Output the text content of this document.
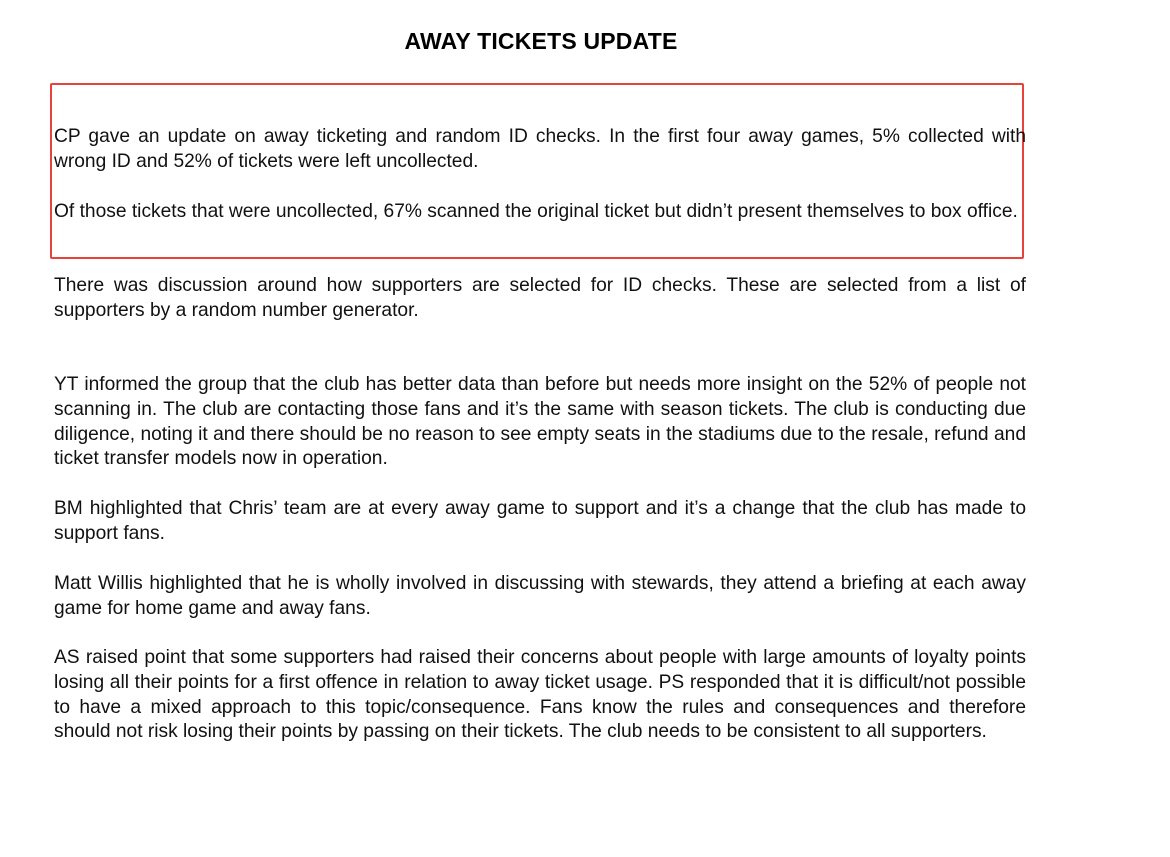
AWAY TICKETS UPDATE

CP gave an update on away ticketing and random ID checks. In the first four away games, 5% collected with wrong ID and 52% of tickets were left uncollected.

Of those tickets that were uncollected, 67% scanned the original ticket but didn’t present themselves to box office.

There was discussion around how supporters are selected for ID checks. These are selected from a list of supporters by a random number generator.

YT informed the group that the club has better data than before but needs more insight on the 52% of people not scanning in. The club are contacting those fans and it’s the same with season tickets. The club is conducting due diligence, noting it and there should be no reason to see empty seats in the stadiums due to the resale, refund and ticket transfer models now in operation.

BM highlighted that Chris’ team are at every away game to support and it’s a change that the club has made to support fans.

Matt Willis highlighted that he is wholly involved in discussing with stewards, they attend a briefing at each away game for home game and away fans.

AS raised point that some supporters had raised their concerns about people with large amounts of loyalty points losing all their points for a first offence in relation to away ticket usage. PS responded that it is difficult/not possible to have a mixed approach to this topic/consequence. Fans know the rules and consequences and therefore should not risk losing their points by passing on their tickets. The club needs to be consistent to all supporters.
